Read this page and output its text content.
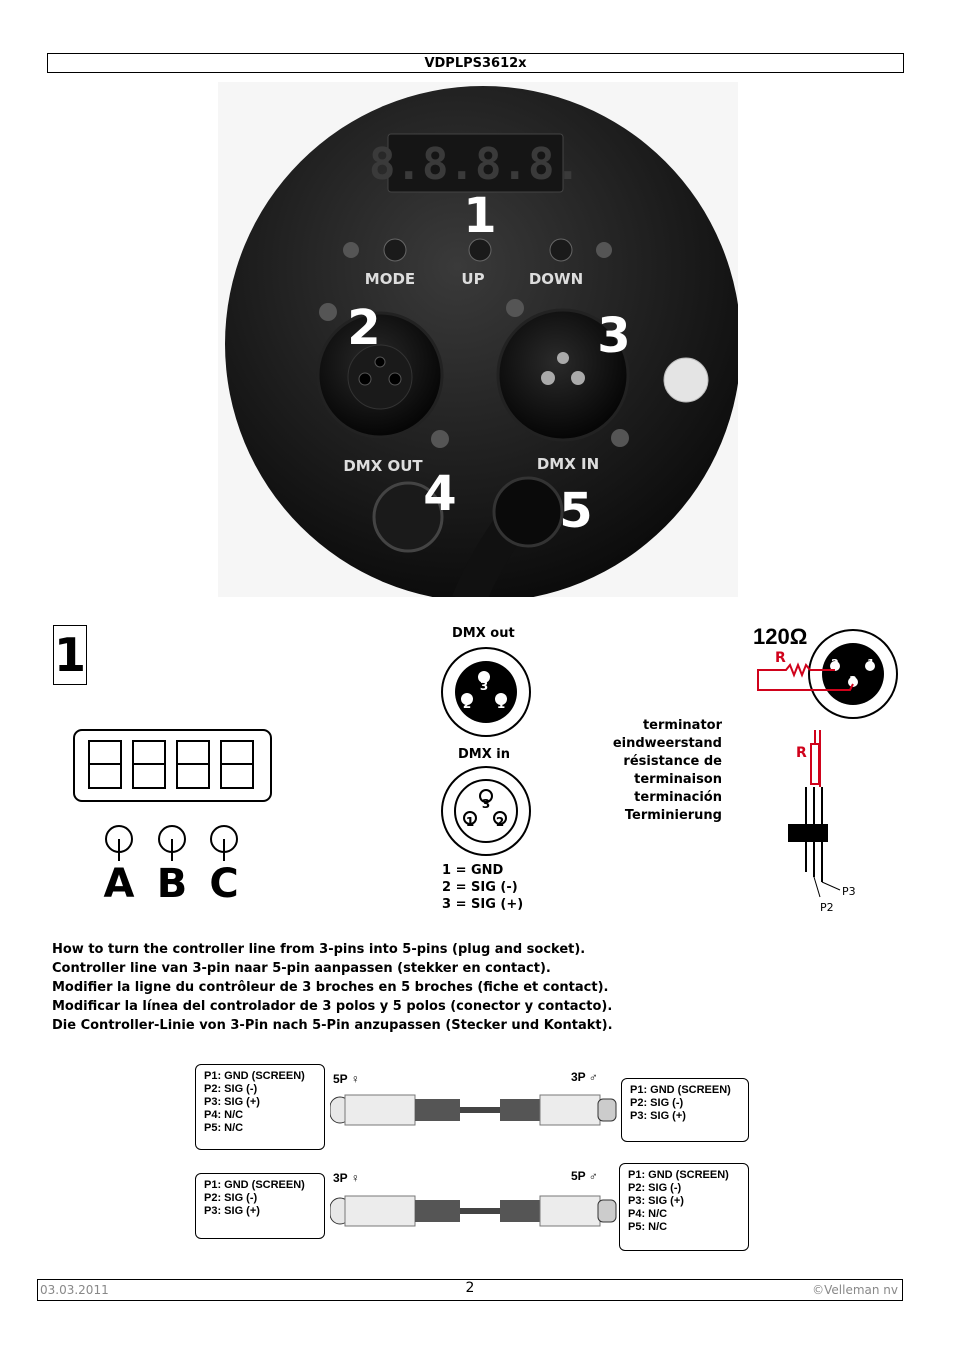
VDPLPS3612x
8.8.8.8.
MODE	UP	DOWN
DMX OUT	DMX IN
1
2	3
4 5
1
A B C
DMX out
3
2 1
DMX in
3
1 2
1 = GND
2 = SIG (-)
3 = SIG (+)
terminator
eindweerstand
résistance de
terminaison
terminación
Terminierung
120Ω
2	1
3
R
R
P3
P2
How to turn the controller line from 3-pins into 5-pins (plug and socket).
Controller line van 3-pin naar 5-pin aanpassen (stekker en contact).
Modifier la ligne du contrôleur de 3 broches en 5 broches (fiche et contact).
Modificar la línea del controlador de 3 polos y 5 polos (conector y contacto).
Die Controller-Linie von 3-Pin nach 5-Pin anzupassen (Stecker und Kontakt).
P1: GND (SCREEN)
P2: SIG (-)
P3: SIG (+)
P4: N/C
P5: N/C
5P ♀	3P ♂
P1: GND (SCREEN)
P2: SIG (-)
P3: SIG (+)
P1: GND (SCREEN)
P2: SIG (-)
P3: SIG (+)
3P ♀	5P ♂	P1: GND (SCREEN)
P2: SIG (-)
P3: SIG (+)
P4: N/C
P5: N/C
03.03.2011	2	©Velleman nv
